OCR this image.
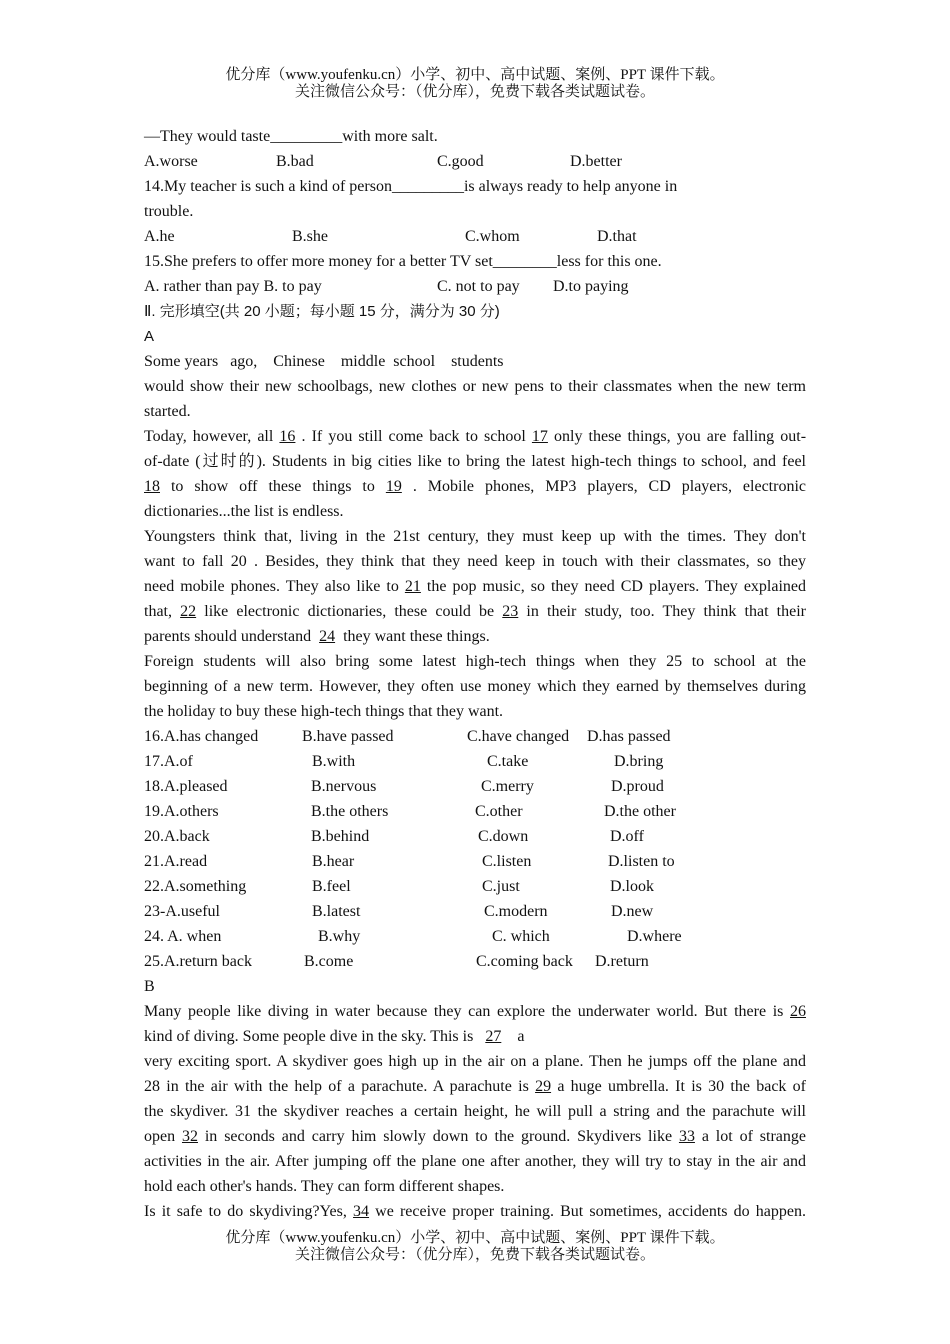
优分库（www.youfenku.cn）小学、初中、高中试题、案例、PPT 课件下载。
关注微信公众号：（优分库），免费下载各类试题试卷。
—They would taste_________with more salt.
A.worse	B.bad	C.good	D.better
14.My teacher is such a kind of person_________is always ready to help anyone in
trouble.
A.he	B.she	C.whom	D.that
15.She prefers to offer more money for a better TV set________less for this one.
A. rather than pay B. to pay	C. not to pay D.to paying
Ⅱ. 完形填空(共 20 小题；每小题 15 分，满分为 30 分)
A
Some years   ago,    Chinese    middle  school    students
would show their new schoolbags, new clothes or new pens to their classmates when the new term
started.
Today, however, all 16 . If you still come back to school 17 only these things, you are falling out-
of-date (过时的). Students in big cities like to bring the latest high-tech things to school, and feel
18 to show off these things to 19 . Mobile phones, MP3 players, CD players, electronic
dictionaries...the list is endless.
Youngsters think that, living in the 21st century, they must keep up with the times. They don't
want to fall 20 . Besides, they think that they need keep in touch with their classmates, so they
need mobile phones. They also like to 21 the pop music, so they need CD players. They explained
that, 22 like electronic dictionaries, these could be 23 in their study, too. They think that their
parents should understand  24  they want these things.
Foreign students will also bring some latest high-tech things when they 25 to school at the
beginning of a new term. However, they often use money which they earned by themselves during
the holiday to buy these high-tech things that they want.
16.A.has changed	B.have passed	C.have changed D.has passed
17.A.of	B.with	C.take	D.bring
18.A.pleased	B.nervous	C.merry	D.proud
19.A.others	B.the others	C.other	D.the other
20.A.back	B.behind	C.down	D.off
21.A.read	B.hear	C.listen	D.listen to
22.A.something	B.feel	C.just	D.look
23-A.useful	B.latest	C.modern	D.new
24. A. when	B.why	C. which	D.where
25.A.return back	B.come	C.coming back D.return
B
Many people like diving in water because they can explore the underwater world. But there is 26
kind of diving. Some people dive in the sky. This is   27    a
very exciting sport. A skydiver goes high up in the air on a plane. Then he jumps off the plane and
28 in the air with the help of a parachute. A parachute is 29 a huge umbrella. It is 30 the back of
the skydiver. 31 the skydiver reaches a certain height, he will pull a string and the parachute will
open 32 in seconds and carry him slowly down to the ground. Skydivers like 33 a lot of strange
activities in the air. After jumping off the plane one after another, they will try to stay in the air and
hold each other's hands. They can form different shapes.
Is it safe to do skydiving?Yes, 34 we receive proper training. But sometimes, accidents do happen.
优分库（www.youfenku.cn）小学、初中、高中试题、案例、PPT 课件下载。
关注微信公众号：（优分库），免费下载各类试题试卷。
